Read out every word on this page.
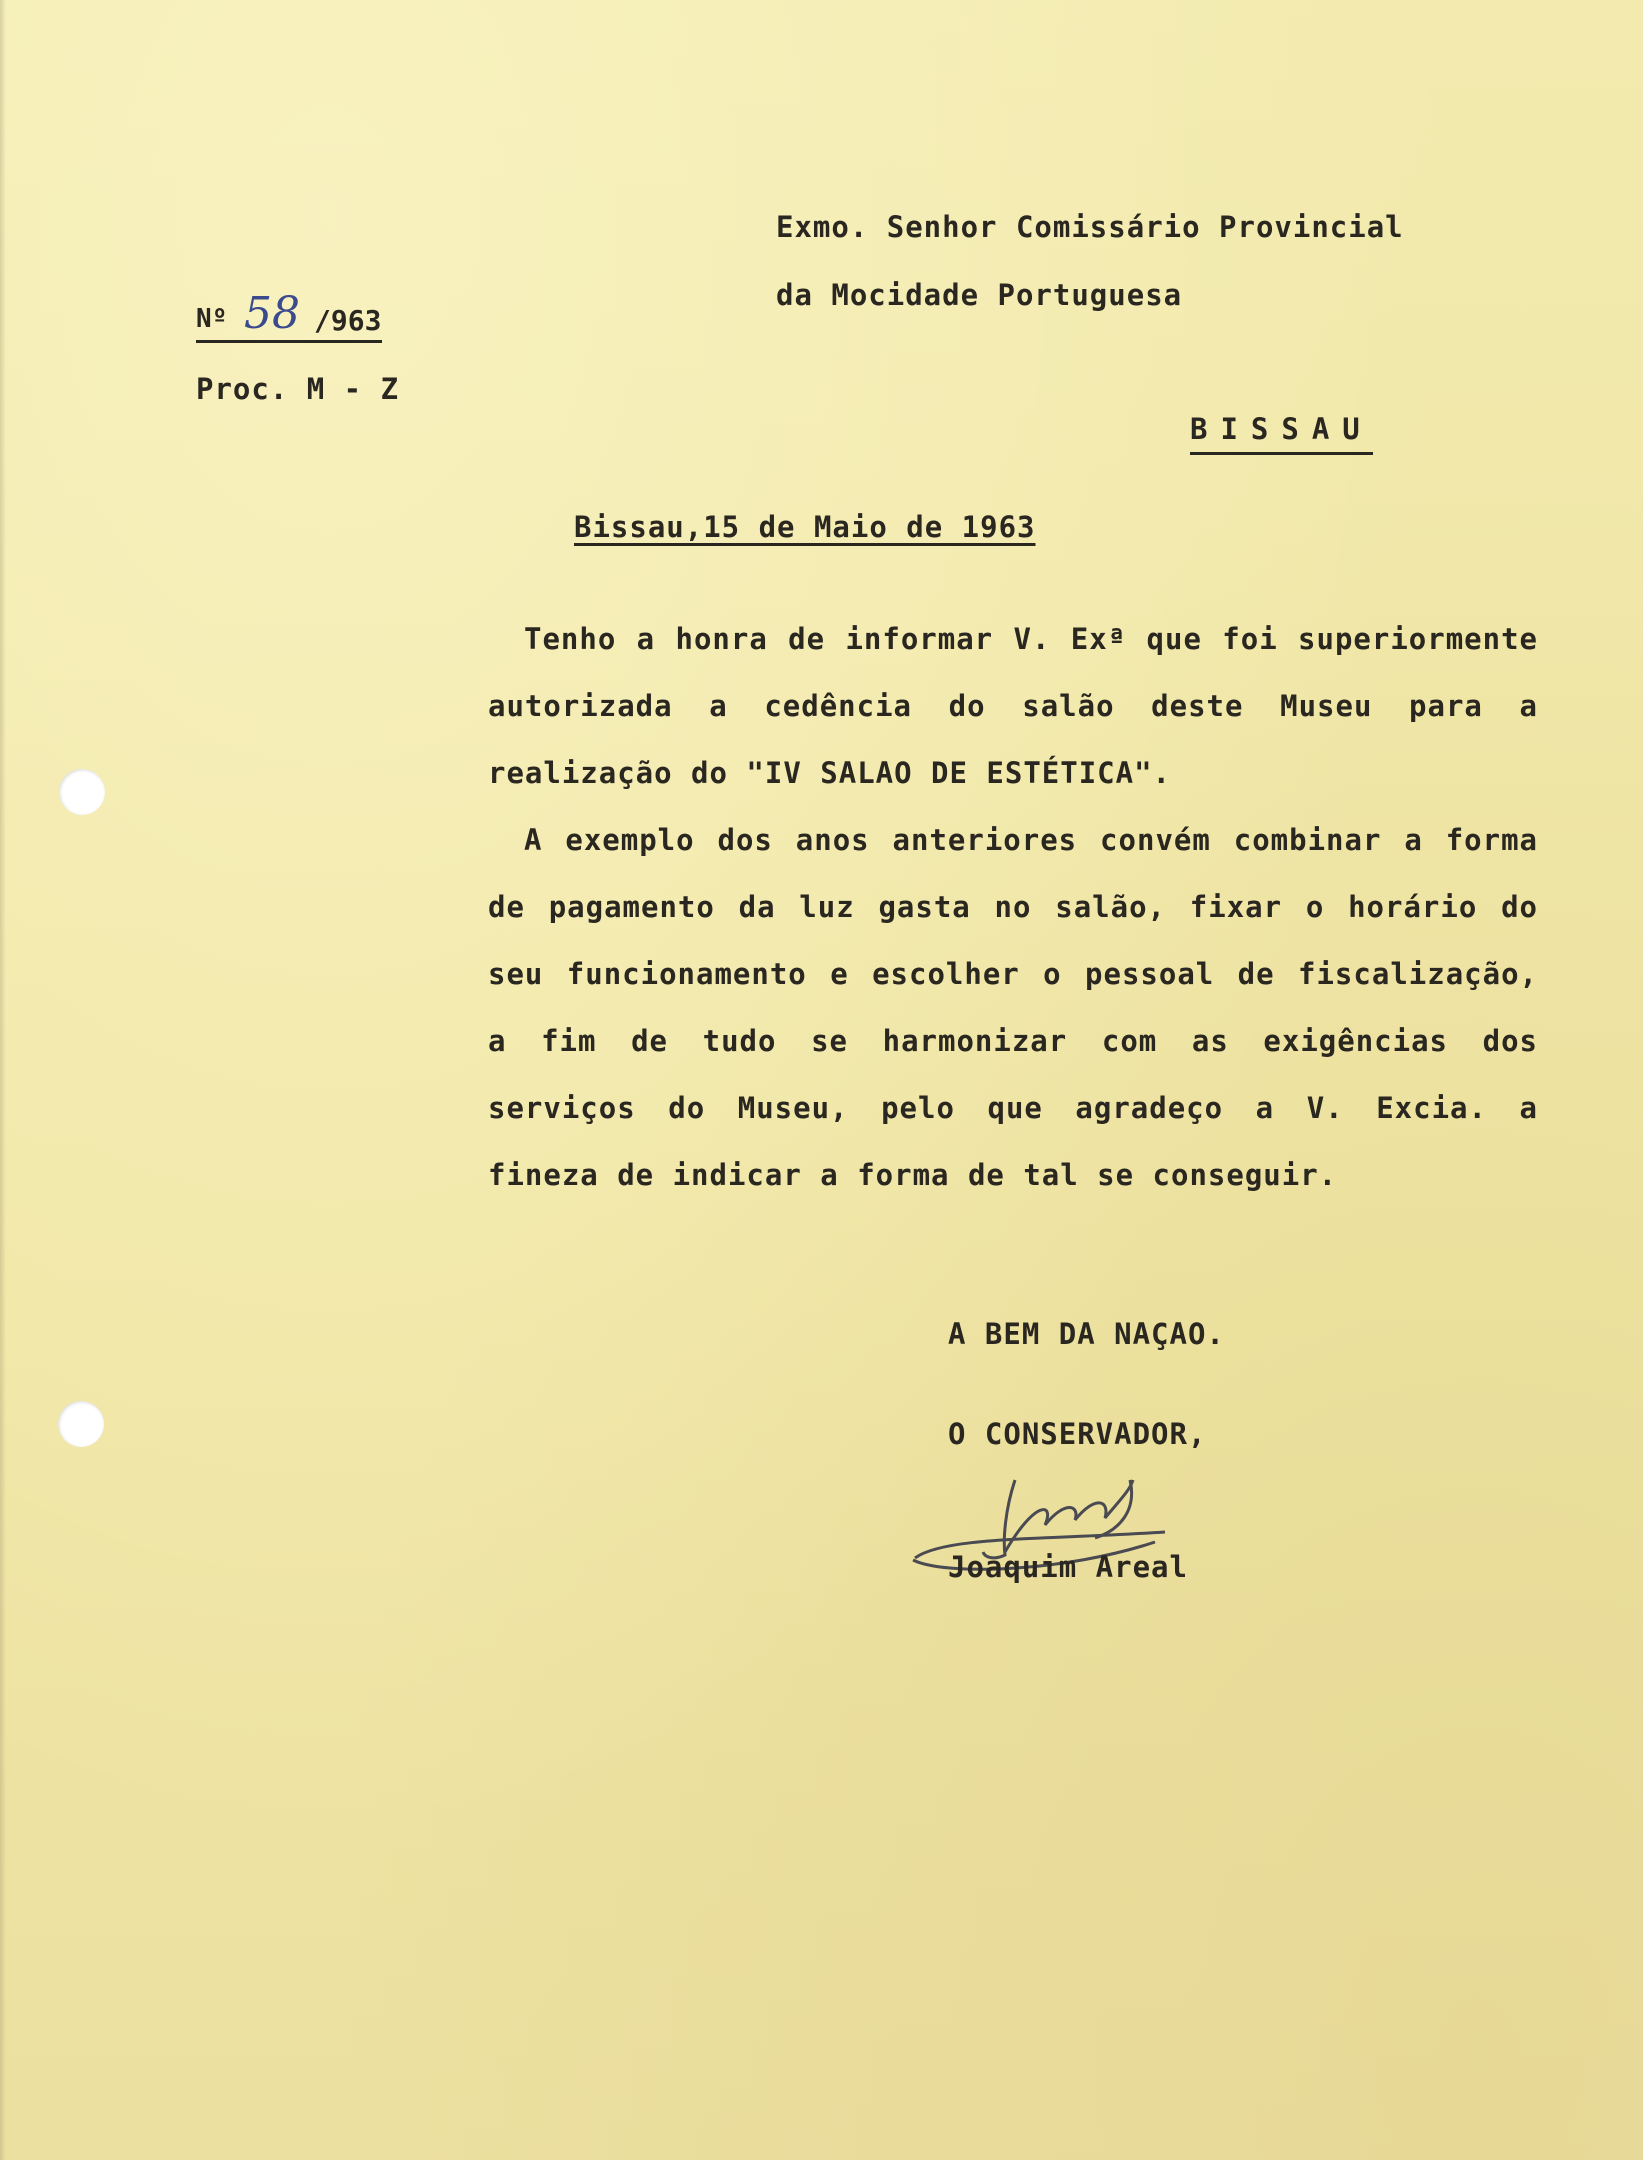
Exmo. Senhor Comissário Provincial
da Mocidade Portuguesa
Nº 58 /963
Proc. M - Z
BISSAU
Bissau,15 de Maio de 1963

Tenho a honra de informar V. Exª que foi superiormente autorizada a cedência do salão deste Museu para a realização do "IV SALAO DE ESTÉTICA".

A exemplo dos anos anteriores convém combinar a forma de pagamento da luz gasta no salão, fixar o horário do seu funcionamento e escolher o pessoal de fiscalização, a fim de tudo se harmonizar com as exigências dos serviços do Museu, pelo que agradeço a V. Excia. a fineza de indicar a forma de tal se conseguir.

A BEM DA NAÇAO.
O CONSERVADOR,
Joaquim Areal
